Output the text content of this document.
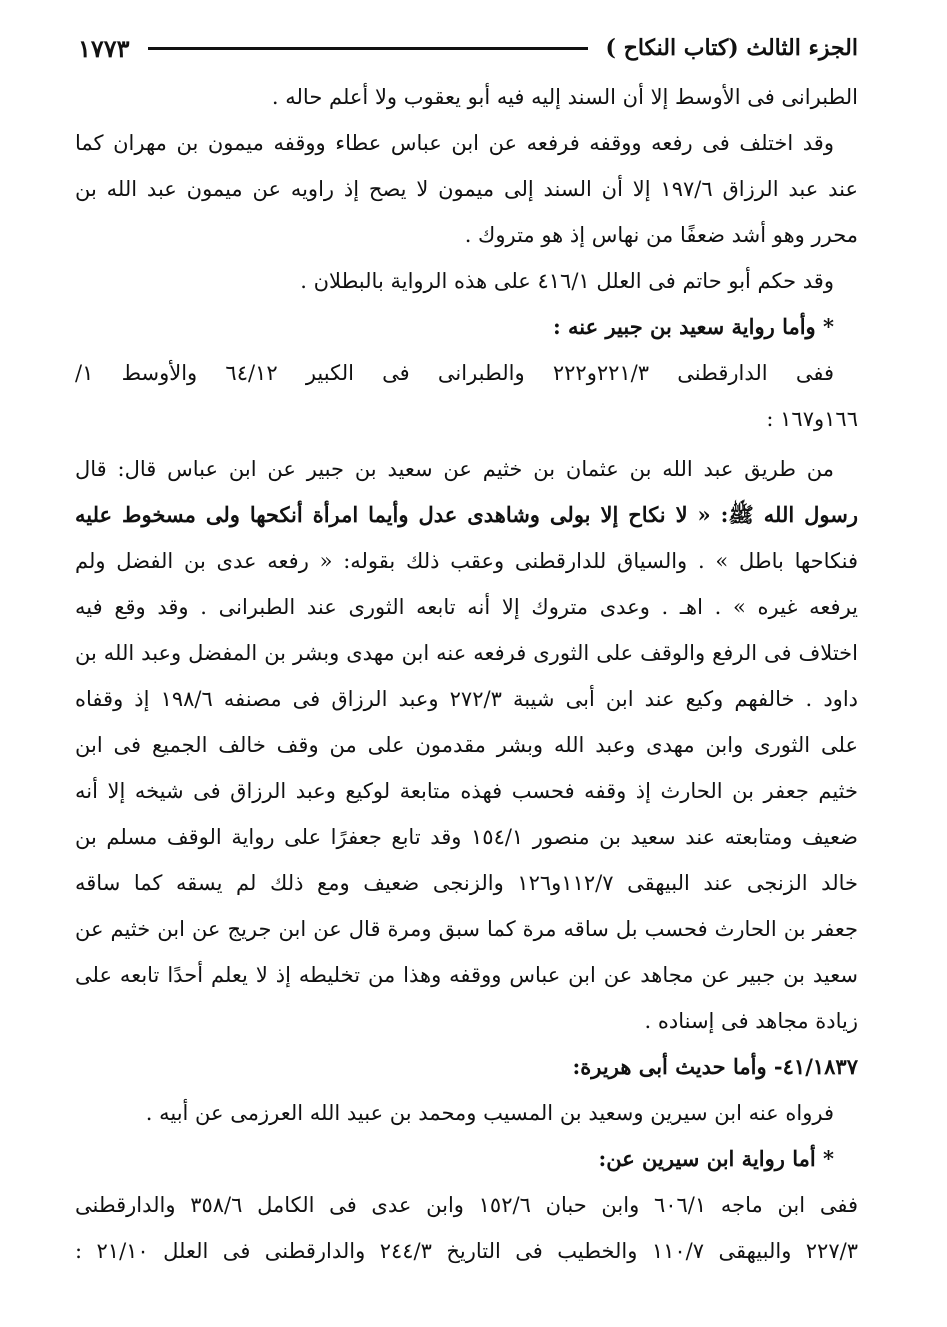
الجزء الثالث (كتاب النكاح )
١٧٧٣
الطبرانى فى الأوسط إلا أن السند إليه فيه أبو يعقوب ولا أعلم حاله .
وقد اختلف فى رفعه ووقفه فرفعه عن ابن عباس عطاء ووقفه ميمون بن مهران كما
عند عبد الرزاق ١٩٧/٦ إلا أن السند إلى ميمون لا يصح إذ راويه عن ميمون عبد الله بن
محرر وهو أشد ضعفًا من نهاس إذ هو متروك .
وقد حكم أبو حاتم فى العلل ٤١٦/١ على هذه الرواية بالبطلان .
* وأما رواية سعيد بن جبير عنه :
ففى الدارقطنى ٢٢١/٣و٢٢٢ والطبرانى فى الكبير ٦٤/١٢ والأوسط ١/
١٦٦و١٦٧ :
من طريق عبد الله بن عثمان بن خثيم عن سعيد بن جبير عن ابن عباس قال: قال
رسول الله ﷺ: « لا نكاح إلا بولى وشاهدى عدل وأيما امرأة أنكحها ولى مسخوط عليه
فنكاحها باطل » . والسياق للدارقطنى وعقب ذلك بقوله: « رفعه عدى بن الفضل ولم
يرفعه غيره » . اهـ . وعدى متروك إلا أنه تابعه الثورى عند الطبرانى . وقد وقع فيه
اختلاف فى الرفع والوقف على الثورى فرفعه عنه ابن مهدى وبشر بن المفضل وعبد الله بن
داود . خالفهم وكيع عند ابن أبى شيبة ٢٧٢/٣ وعبد الرزاق فى مصنفه ١٩٨/٦ إذ وقفاه
على الثورى وابن مهدى وعبد الله وبشر مقدمون على من وقف خالف الجميع فى ابن
خثيم جعفر بن الحارث إذ وقفه فحسب فهذه متابعة لوكيع وعبد الرزاق فى شيخه إلا أنه
ضعيف ومتابعته عند سعيد بن منصور ١٥٤/١ وقد تابع جعفرًا على رواية الوقف مسلم بن
خالد الزنجى عند البيهقى ١١٢/٧و١٢٦ والزنجى ضعيف ومع ذلك لم يسقه كما ساقه
جعفر بن الحارث فحسب بل ساقه مرة كما سبق ومرة قال عن ابن جريج عن ابن خثيم عن
سعيد بن جبير عن مجاهد عن ابن عباس ووقفه وهذا من تخليطه إذ لا يعلم أحدًا تابعه على
زيادة مجاهد فى إسناده .
٤١/١٨٣٧- وأما حديث أبى هريرة:
فرواه عنه ابن سيرين وسعيد بن المسيب ومحمد بن عبيد الله العرزمى عن أبيه .
* أما رواية ابن سيرين عن:
ففى ابن ماجه ٦٠٦/١ وابن حبان ١٥٢/٦ وابن عدى فى الكامل ٣٥٨/٦ والدارقطنى
٢٢٧/٣ والبيهقى ١١٠/٧ والخطيب فى التاريخ ٢٤٤/٣ والدارقطنى فى العلل ٢١/١٠ :
